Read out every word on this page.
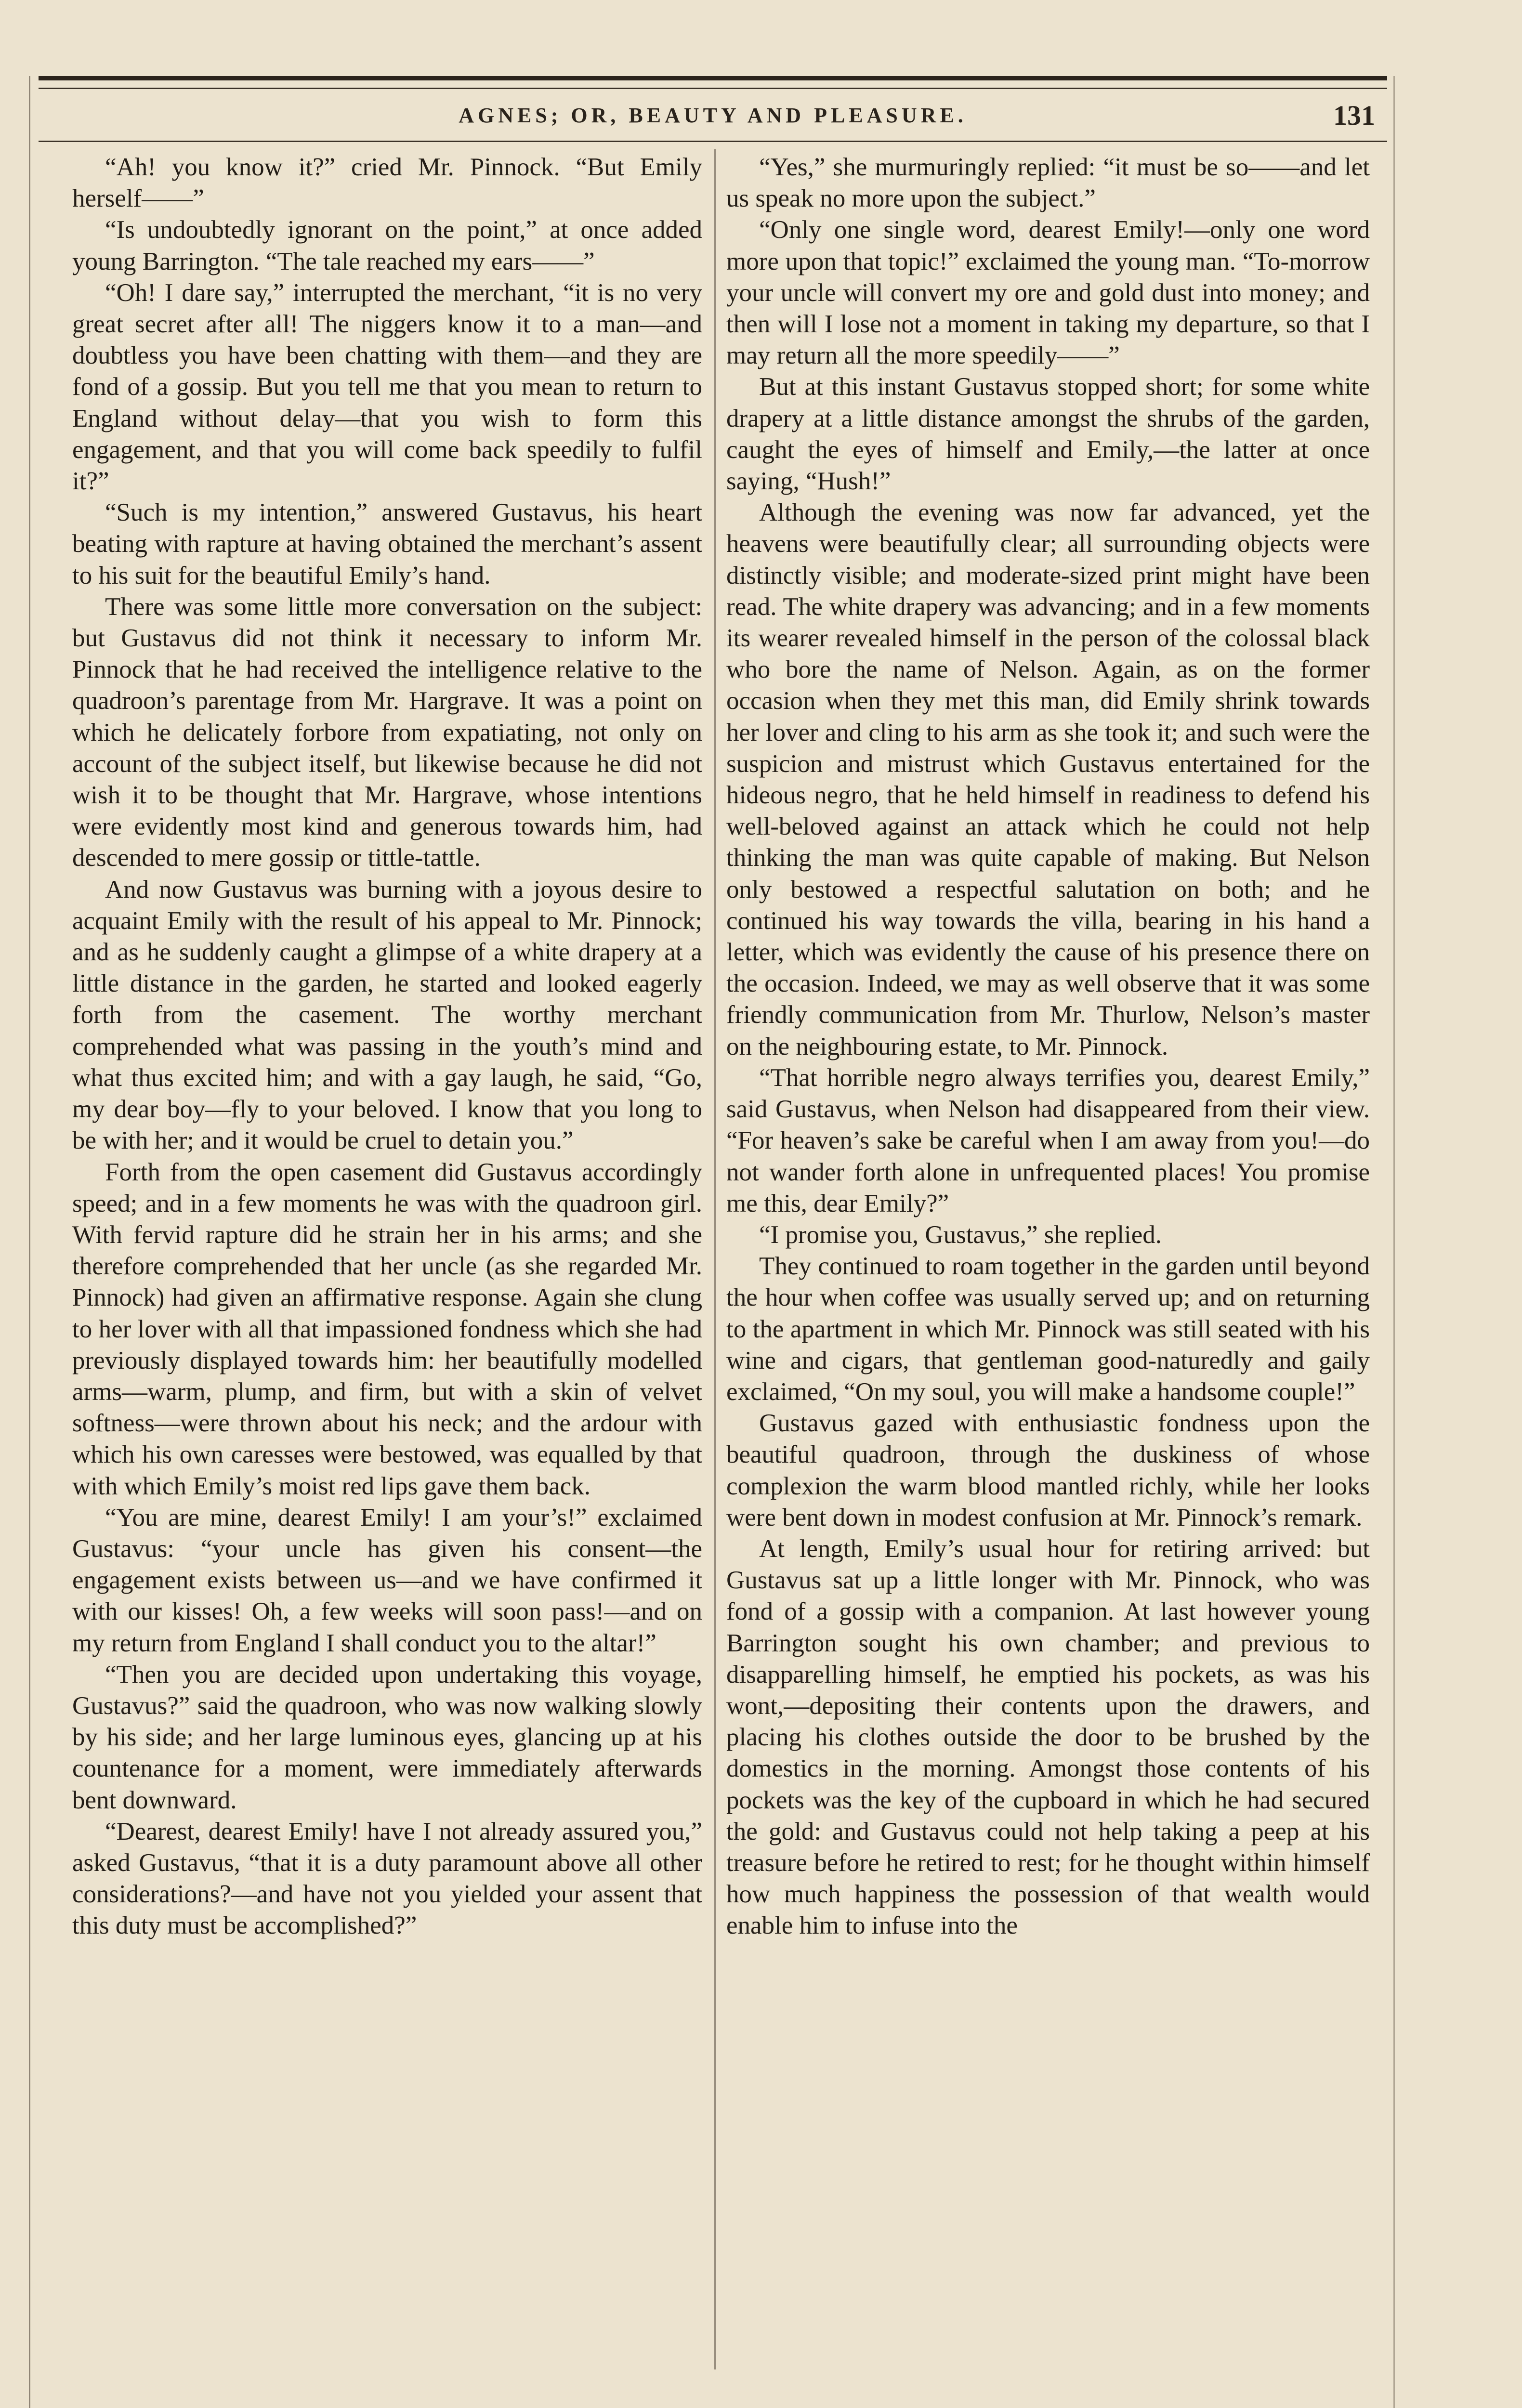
AGNES; OR, BEAUTY AND PLEASURE.	131

“Ah! you know it?” cried Mr. Pinnock. “But Emily herself——”

“Is undoubtedly ignorant on the point,” at once added young Barrington. “The tale reached my ears——”

“Oh! I dare say,” interrupted the merchant, “it is no very great secret after all! The niggers know it to a man—and doubtless you have been chatting with them—and they are fond of a gossip. But you tell me that you mean to return to England without delay—that you wish to form this engagement, and that you will come back speedily to fulfil it?”

“Such is my intention,” answered Gustavus, his heart beating with rapture at having obtained the merchant’s assent to his suit for the beautiful Emily’s hand.

There was some little more conversation on the subject: but Gustavus did not think it necessary to inform Mr. Pinnock that he had received the intelligence relative to the quadroon’s parentage from Mr. Hargrave. It was a point on which he delicately forbore from expatiating, not only on account of the subject itself, but likewise because he did not wish it to be thought that Mr. Hargrave, whose intentions were evidently most kind and generous towards him, had descended to mere gossip or tittle-tattle.

And now Gustavus was burning with a joyous desire to acquaint Emily with the result of his appeal to Mr. Pinnock; and as he suddenly caught a glimpse of a white drapery at a little distance in the garden, he started and looked eagerly forth from the casement. The worthy merchant comprehended what was passing in the youth’s mind and what thus excited him; and with a gay laugh, he said, “Go, my dear boy—fly to your beloved. I know that you long to be with her; and it would be cruel to detain you.”

Forth from the open casement did Gustavus accordingly speed; and in a few moments he was with the quadroon girl. With fervid rapture did he strain her in his arms; and she therefore comprehended that her uncle (as she regarded Mr. Pinnock) had given an affirmative response. Again she clung to her lover with all that impassioned fondness which she had previously displayed towards him: her beautifully modelled arms—warm, plump, and firm, but with a skin of velvet softness—were thrown about his neck; and the ardour with which his own caresses were bestowed, was equalled by that with which Emily’s moist red lips gave them back.

“You are mine, dearest Emily! I am your’s!” exclaimed Gustavus: “your uncle has given his consent—the engagement exists between us—and we have confirmed it with our kisses! Oh, a few weeks will soon pass!—and on my return from England I shall conduct you to the altar!”

“Then you are decided upon undertaking this voyage, Gustavus?” said the quadroon, who was now walking slowly by his side; and her large luminous eyes, glancing up at his countenance for a moment, were immediately afterwards bent downward.

“Dearest, dearest Emily! have I not already assured you,” asked Gustavus, “that it is a duty paramount above all other considerations?—and have not you yielded your assent that this duty must be accomplished?”

“Yes,” she murmuringly replied: “it must be so——and let us speak no more upon the subject.”

“Only one single word, dearest Emily!—only one word more upon that topic!” exclaimed the young man. “To-morrow your uncle will convert my ore and gold dust into money; and then will I lose not a moment in taking my departure, so that I may return all the more speedily——”

But at this instant Gustavus stopped short; for some white drapery at a little distance amongst the shrubs of the garden, caught the eyes of himself and Emily,—the latter at once saying, “Hush!”

Although the evening was now far advanced, yet the heavens were beautifully clear; all surrounding objects were distinctly visible; and moderate-sized print might have been read. The white drapery was advancing; and in a few moments its wearer revealed himself in the person of the colossal black who bore the name of Nelson. Again, as on the former occasion when they met this man, did Emily shrink towards her lover and cling to his arm as she took it; and such were the suspicion and mistrust which Gustavus entertained for the hideous negro, that he held himself in readiness to defend his well-beloved against an attack which he could not help thinking the man was quite capable of making. But Nelson only bestowed a respectful salutation on both; and he continued his way towards the villa, bearing in his hand a letter, which was evidently the cause of his presence there on the occasion. Indeed, we may as well observe that it was some friendly communication from Mr. Thurlow, Nelson’s master on the neighbouring estate, to Mr. Pinnock.

“That horrible negro always terrifies you, dearest Emily,” said Gustavus, when Nelson had disappeared from their view. “For heaven’s sake be careful when I am away from you!—do not wander forth alone in unfrequented places! You promise me this, dear Emily?”

“I promise you, Gustavus,” she replied.

They continued to roam together in the garden until beyond the hour when coffee was usually served up; and on returning to the apartment in which Mr. Pinnock was still seated with his wine and cigars, that gentleman good-naturedly and gaily exclaimed, “On my soul, you will make a handsome couple!”

Gustavus gazed with enthusiastic fondness upon the beautiful quadroon, through the duskiness of whose complexion the warm blood mantled richly, while her looks were bent down in modest confusion at Mr. Pinnock’s remark.

At length, Emily’s usual hour for retiring arrived: but Gustavus sat up a little longer with Mr. Pinnock, who was fond of a gossip with a companion. At last however young Barrington sought his own chamber; and previous to disapparelling himself, he emptied his pockets, as was his wont,—depositing their contents upon the drawers, and placing his clothes outside the door to be brushed by the domestics in the morning. Amongst those contents of his pockets was the key of the cupboard in which he had secured the gold: and Gustavus could not help taking a peep at his treasure before he retired to rest; for he thought within himself how much happiness the possession of that wealth would enable him to infuse into the
